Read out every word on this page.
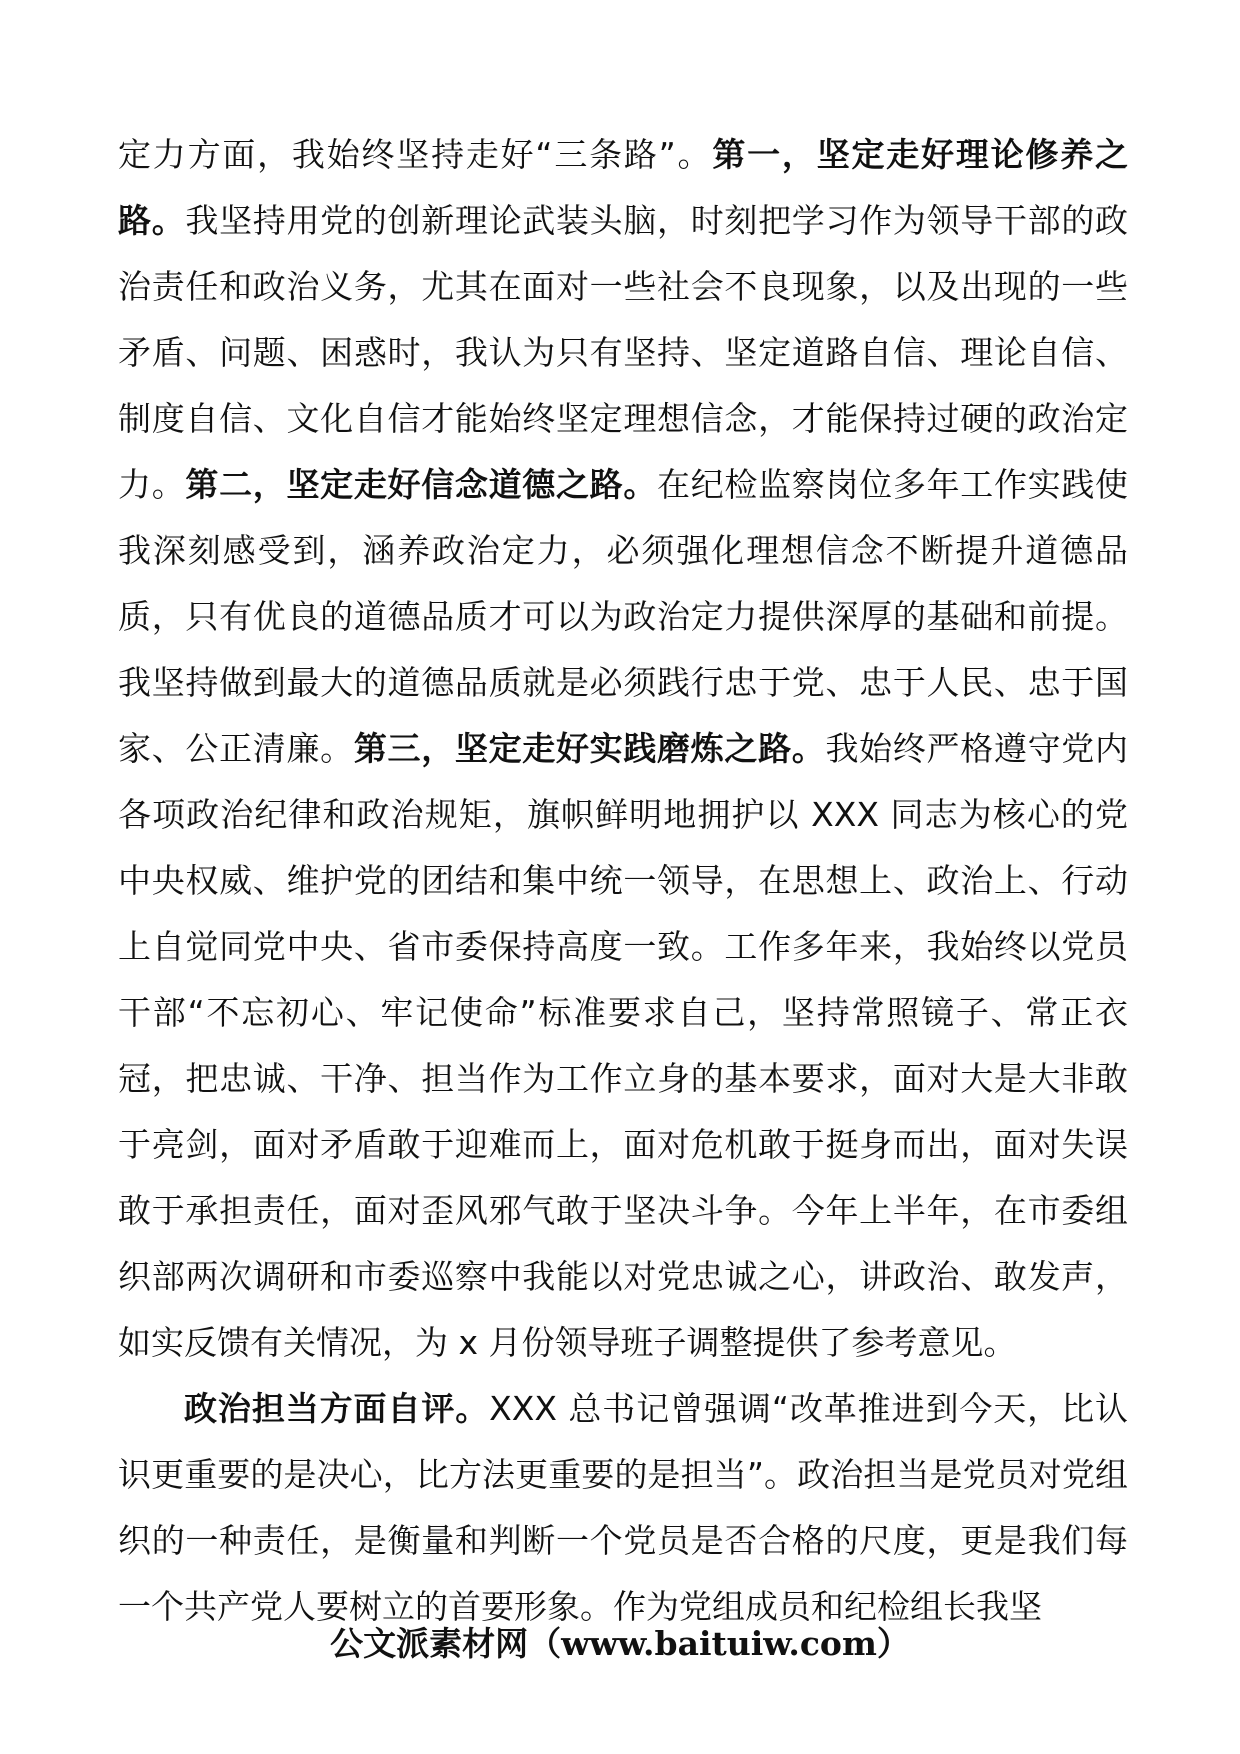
定力方面，我始终坚持走好“三条路”。第一，坚定走好理论修养之路。我坚持用党的创新理论武装头脑，时刻把学习作为领导干部的政治责任和政治义务，尤其在面对一些社会不良现象，以及出现的一些矛盾、问题、困惑时，我认为只有坚持、坚定道路自信、理论自信、制度自信、文化自信才能始终坚定理想信念，才能保持过硬的政治定力。第二，坚定走好信念道德之路。在纪检监察岗位多年工作实践使我深刻感受到，涵养政治定力，必须强化理想信念不断提升道德品质，只有优良的道德品质才可以为政治定力提供深厚的基础和前提。我坚持做到最大的道德品质就是必须践行忠于党、忠于人民、忠于国家、公正清廉。第三，坚定走好实践磨炼之路。我始终严格遵守党内各项政治纪律和政治规矩，旗帜鲜明地拥护以 XXX 同志为核心的党中央权威、维护党的团结和集中统一领导，在思想上、政治上、行动上自觉同党中央、省市委保持高度一致。工作多年来，我始终以党员干部“不忘初心、牢记使命”标准要求自己，坚持常照镜子、常正衣冠，把忠诚、干净、担当作为工作立身的基本要求，面对大是大非敢于亮剑，面对矛盾敢于迎难而上，面对危机敢于挺身而出，面对失误敢于承担责任，面对歪风邪气敢于坚决斗争。今年上半年，在市委组织部两次调研和市委巡察中我能以对党忠诚之心，讲政治、敢发声，如实反馈有关情况，为 x 月份领导班子调整提供了参考意见。

政治担当方面自评。XXX 总书记曾强调“改革推进到今天，比认识更重要的是决心，比方法更重要的是担当”。政治担当是党员对党组织的一种责任，是衡量和判断一个党员是否合格的尺度，更是我们每一个共产党人要树立的首要形象。作为党组成员和纪检组长我坚

公文派素材网（www.baituiw.com）
